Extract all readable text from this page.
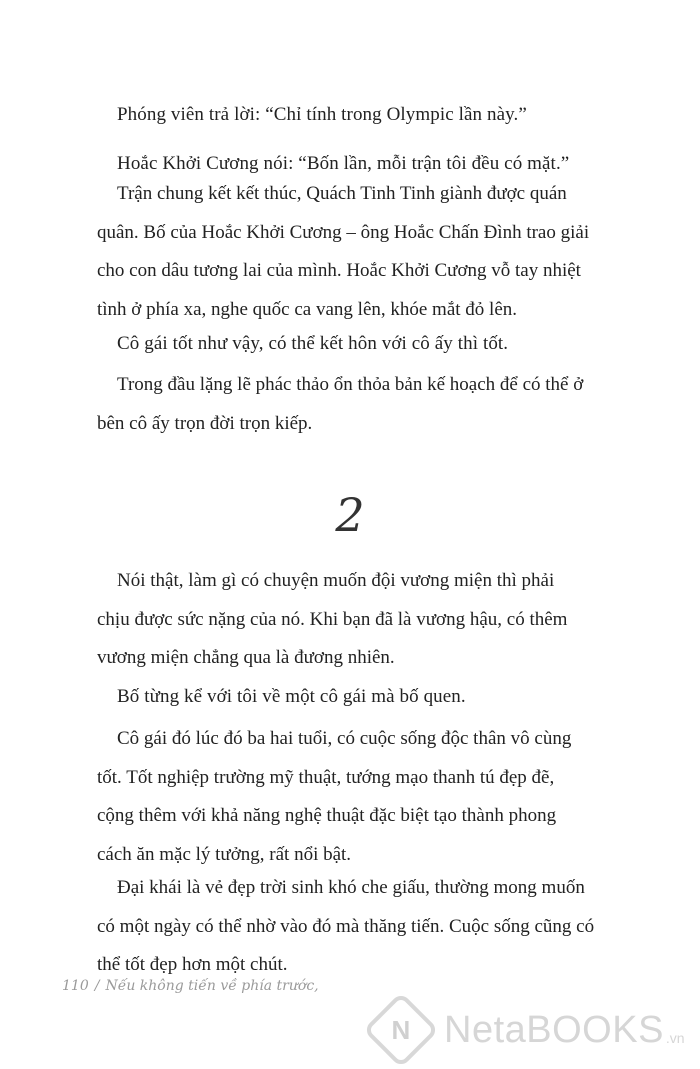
Phóng viên trả lời: “Chỉ tính trong Olympic lần này.”
Hoắc Khởi Cương nói: “Bốn lần, mỗi trận tôi đều có mặt.”
Trận chung kết kết thúc, Quách Tinh Tinh giành được quán
quân. Bố của Hoắc Khởi Cương – ông Hoắc Chấn Đình trao giải
cho con dâu tương lai của mình. Hoắc Khởi Cương vỗ tay nhiệt
tình ở phía xa, nghe quốc ca vang lên, khóe mắt đỏ lên.
Cô gái tốt như vậy, có thể kết hôn với cô ấy thì tốt.
Trong đầu lặng lẽ phác thảo ổn thỏa bản kế hoạch để có thể ở
bên cô ấy trọn đời trọn kiếp.
2
Nói thật, làm gì có chuyện muốn đội vương miện thì phải
chịu được sức nặng của nó. Khi bạn đã là vương hậu, có thêm
vương miện chẳng qua là đương nhiên.
Bố từng kể với tôi về một cô gái mà bố quen.
Cô gái đó lúc đó ba hai tuổi, có cuộc sống độc thân vô cùng
tốt. Tốt nghiệp trường mỹ thuật, tướng mạo thanh tú đẹp đẽ,
cộng thêm với khả năng nghệ thuật đặc biệt tạo thành phong
cách ăn mặc lý tưởng, rất nổi bật.
Đại khái là vẻ đẹp trời sinh khó che giấu, thường mong muốn
có một ngày có thể nhờ vào đó mà thăng tiến. Cuộc sống cũng có
thể tốt đẹp hơn một chút.
110 / Nếu không tiến về phía trước,
N NetaBOOKS .vn
